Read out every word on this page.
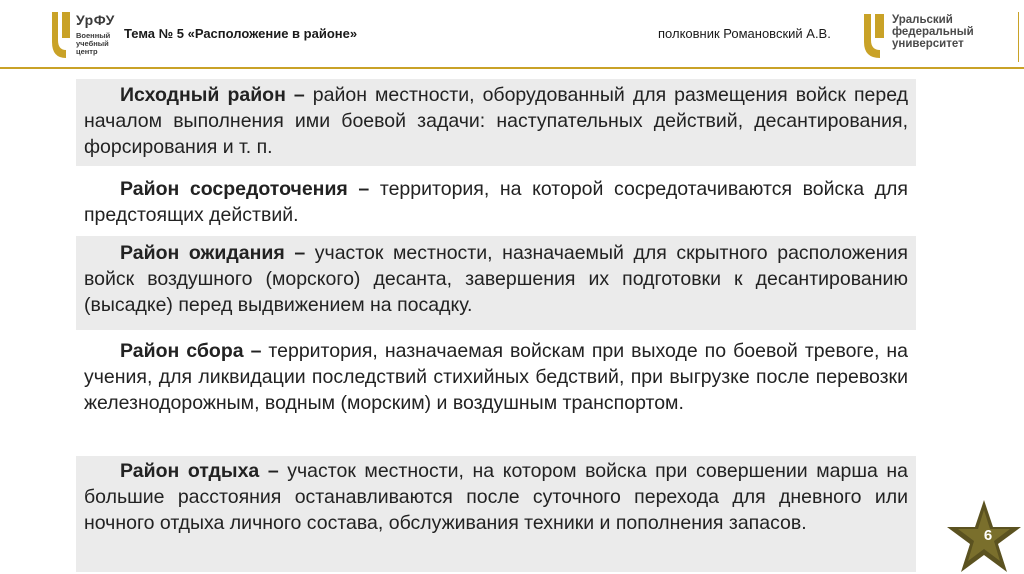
УрФУ
Военный учебный центр
Тема № 5 «Расположение в районе»	полковник Романовский А.В.
Уральский
федеральный
университет
Исходный район – район местности, оборудованный для размещения войск перед началом выполнения ими боевой задачи: наступательных действий, десантирования, форсирования и т. п.
Район сосредоточения – территория, на которой сосредотачиваются войска для предстоящих действий.
Район ожидания – участок местности, назначаемый для скрытного расположения войск воздушного (морского) десанта, завершения их подготовки к десантированию (высадке) перед выдвижением на посадку.
Район сбора – территория, назначаемая войскам при выходе по боевой тревоге, на учения, для ликвидации последствий стихийных бедствий, при выгрузке после перевозки железнодорожным, водным (морским) и воздушным транспортом.
Район отдыха – участок местности, на котором войска при совершении марша на большие расстояния останавливаются после суточного перехода для дневного или ночного отдыха личного состава, обслуживания техники и пополнения запасов.
6
